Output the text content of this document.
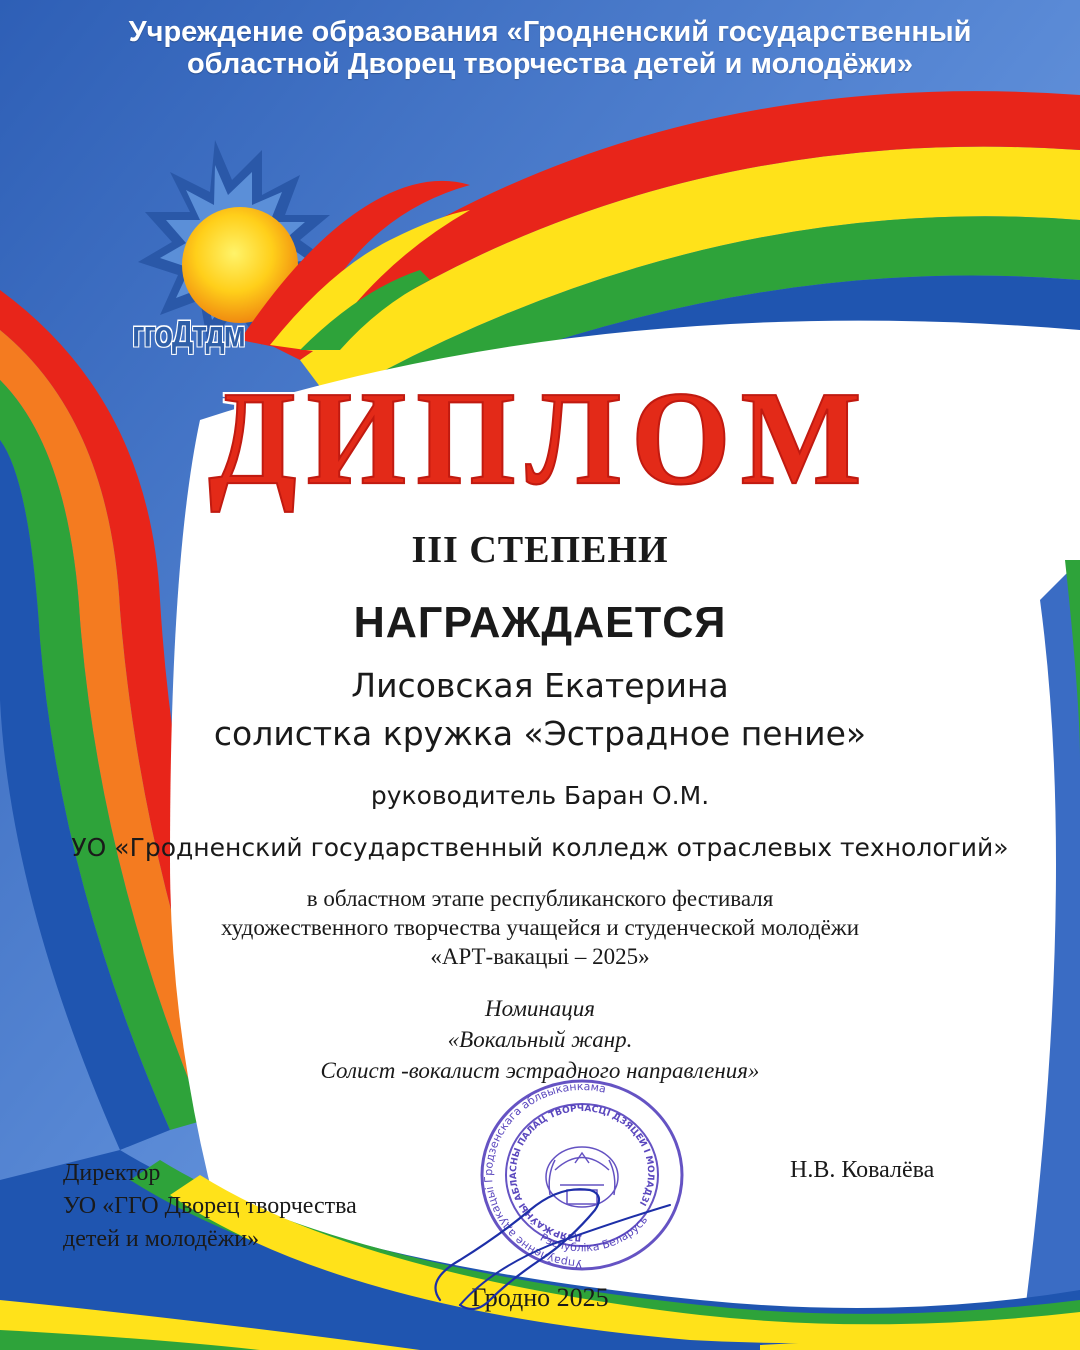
Учреждение образования «Гродненский государственный
областной Дворец творчества детей и молодёжи»
ггоДтдм
ДИПЛОМ
III СТЕПЕНИ
НАГРАЖДАЕТСЯ
Лисовская Екатерина
солистка кружка «Эстрадное пение»
руководитель Баран О.М.
УО «Гродненский государственный колледж отраслевых технологий»
в областном этапе республиканского фестиваля
художественного творчества учащейся и студенческой молодёжи
«АРТ-вакацыі – 2025»
Номинация
«Вокальный жанр.
Солист -вокалист эстрадного направления»
Директор
УО «ГГО Дворец творчества
детей и молодёжи»
Н.В. Ковалёва
Упраўленне адукацыі Гродзенскага аблвыканкама
ДЗЯРЖАЎНЫ АБЛАСНЫ ПАЛАЦ ТВОРЧАСЦІ ДЗЯЦЕЙ І МОЛАДЗІ
Рэспубліка Беларусь
Гродно 2025
